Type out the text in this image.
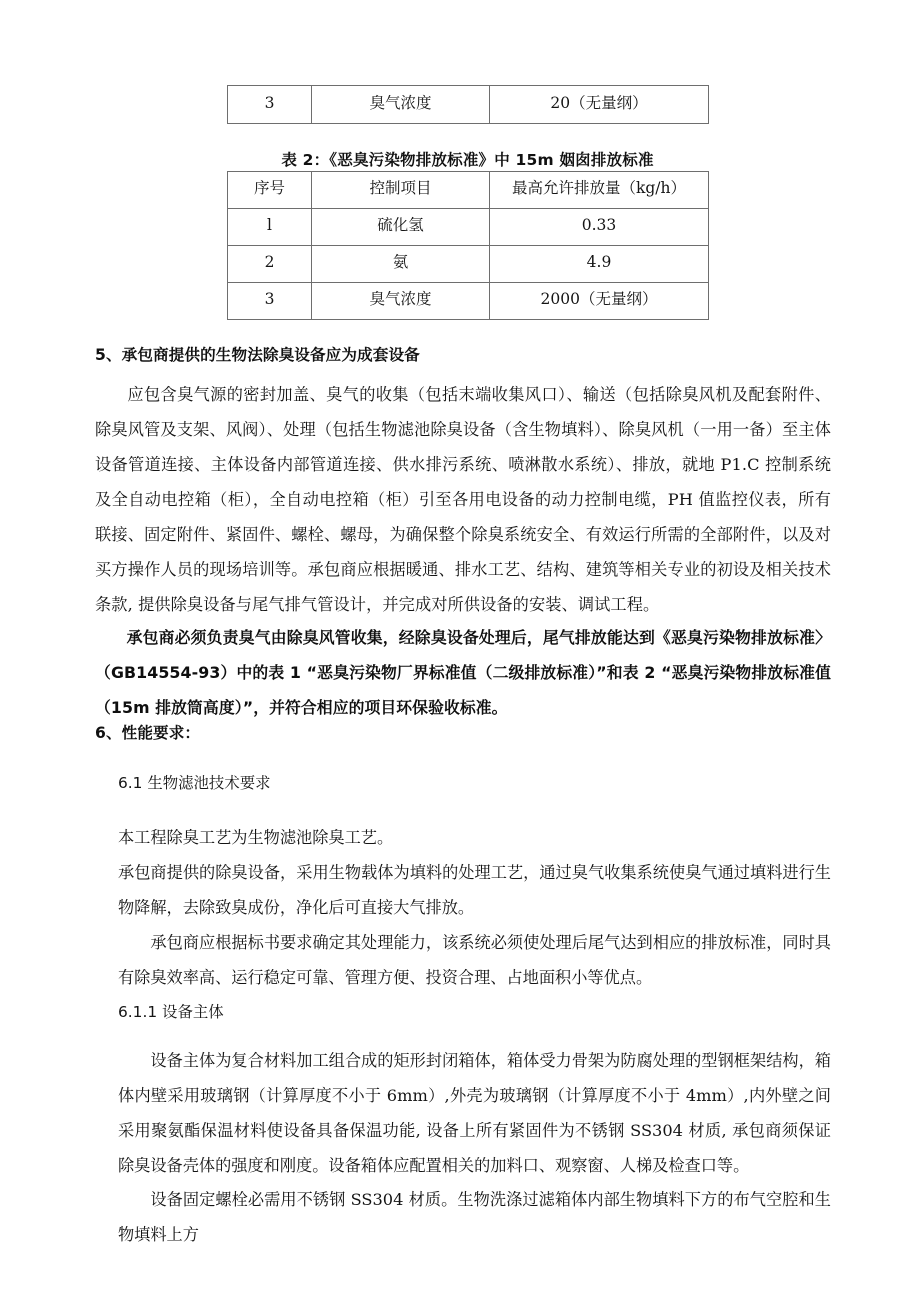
3	臭气浓度	20（无量纲）
表 2：《恶臭污染物排放标准》中 15m 姻囱排放标准
序号	控制项目	最高允许排放量（kg/h）
l	硫化氢	0.33
2	氨	4.9
3	臭气浓度	2000（无量纲）

5、承包商提供的生物法除臭设备应为成套设备

应包含臭气源的密封加盖、臭气的收集（包括末端收集风口）、输送（包括除臭风机及配套附件、除臭风管及支架、风阀）、处理（包括生物滤池除臭设备（含生物填料）、除臭风机（一用一备）至主体设备管道连接、主体设备内部管道连接、供水排污系统、喷淋散水系统）、排放，就地 P1.C 控制系统及全自动电控箱（柜），全自动电控箱（柜）引至各用电设备的动力控制电缆，PH 值监控仪表，所有联接、固定附件、紧固件、螺栓、螺母，为确保整个除臭系统安全、有效运行所需的全部附件，以及对买方操作人员的现场培训等。承包商应根据暖通、排水工艺、结构、建筑等相关专业的初设及相关技术条款, 提供除臭设备与尾气排气管设计，并完成对所供设备的安装、调试工程。

承包商必须负责臭气由除臭风管收集，经除臭设备处理后，尾气排放能达到《恶臭污染物排放标准〉（GB14554-93）中的表 1 “恶臭污染物厂界标准值（二级排放标准）”和表 2 “恶臭污染物排放标准值（15m 排放筒高度）”，并符合相应的项目环保验收标准。

6、性能要求：

6.1 生物滤池技术要求

本工程除臭工艺为生物滤池除臭工艺。

承包商提供的除臭设备，采用生物载体为填料的处理工艺，通过臭气收集系统使臭气通过填料进行生物降解，去除致臭成份，净化后可直接大气排放。

承包商应根据标书要求确定其处理能力，该系统必须使处理后尾气达到相应的排放标准，同时具有除臭效率高、运行稳定可靠、管理方便、投资合理、占地面积小等优点。

6.1.1 设备主体

设备主体为复合材料加工组合成的矩形封闭箱体，箱体受力骨架为防腐处理的型钢框架结构，箱体内壁采用玻璃钢（计算厚度不小于 6mm）,外壳为玻璃钢（计算厚度不小于 4mm）,内外壁之间采用聚氨酯保温材料使设备具备保温功能, 设备上所有紧固件为不锈钢 SS304 材质, 承包商须保证除臭设备壳体的强度和刚度。设备箱体应配置相关的加料口、观察窗、人梯及检查口等。

设备固定螺栓必需用不锈钢 SS304 材质。生物洗涤过滤箱体内部生物填料下方的布气空腔和生物填料上方
